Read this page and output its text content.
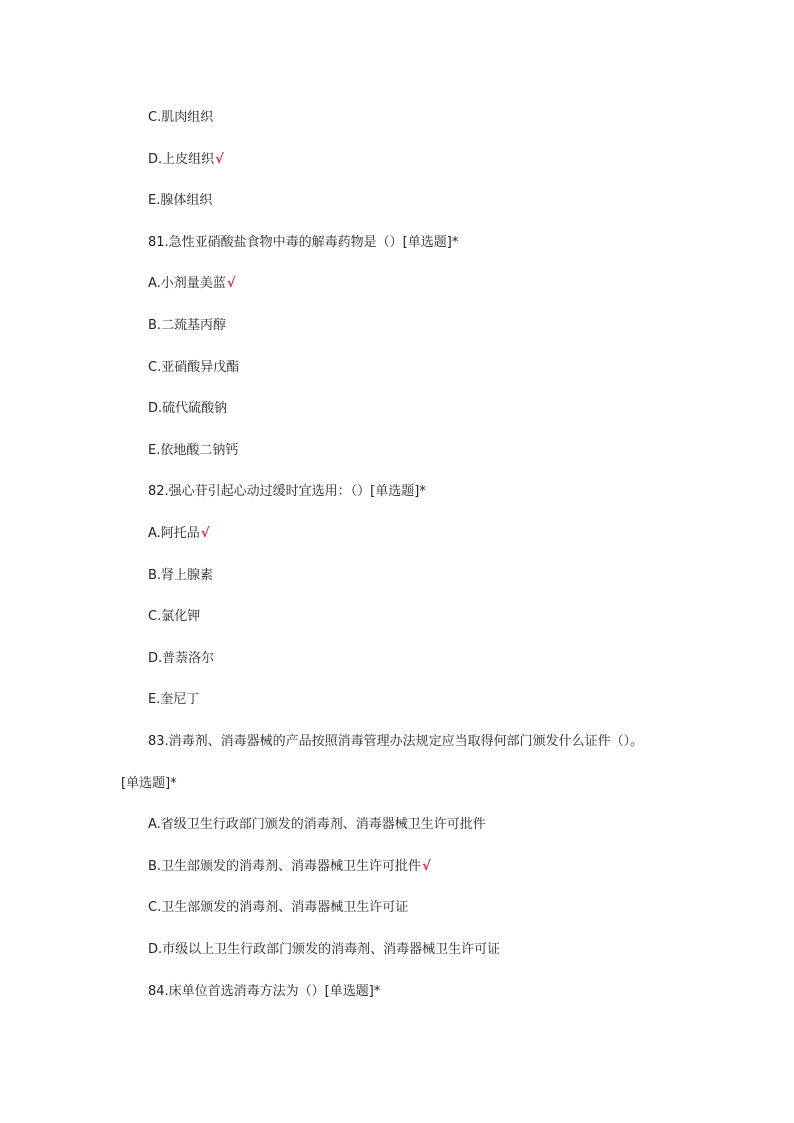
C.肌肉组织
D.上皮组织√
E.腺体组织
81.急性亚硝酸盐食物中毒的解毒药物是（）[单选题]*
A.小剂量美蓝√
B.二巯基丙醇
C.亚硝酸异戊酯
D.硫代硫酸钠
E.依地酸二钠钙
82.强心苷引起心动过缓时宜选用：（）[单选题]*
A.阿托品√
B.肾上腺素
C.氯化钾
D.普萘洛尔
E.奎尼丁
83.消毒剂、消毒器械的产品按照消毒管理办法规定应当取得何部门颁发什么证件（）。
[单选题]*
A.省级卫生行政部门颁发的消毒剂、消毒器械卫生许可批件
B.卫生部颁发的消毒剂、消毒器械卫生许可批件√
C.卫生部颁发的消毒剂、消毒器械卫生许可证
D.市级以上卫生行政部门颁发的消毒剂、消毒器械卫生许可证
84.床单位首选消毒方法为（）[单选题]*
